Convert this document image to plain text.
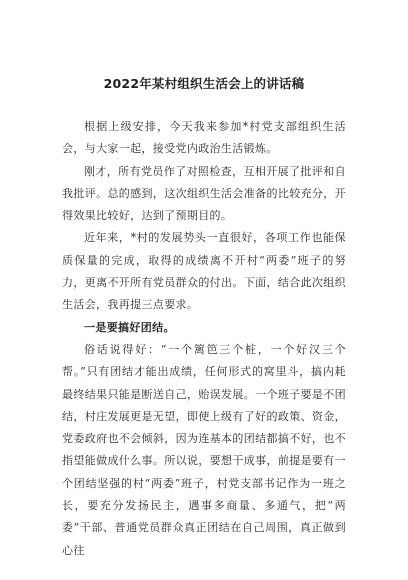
2022年某村组织生活会上的讲话稿

根据上级安排，今天我来参加*村党支部组织生活会，与大家一起，接受党内政治生活锻炼。

刚才，所有党员作了对照检查，互相开展了批评和自我批评。总的感到，这次组织生活会准备的比较充分，开得效果比较好，达到了预期目的。

近年来，*村的发展势头一直很好，各项工作也能保质保量的完成，取得的成绩离不开村“两委”班子的努力，更离不开所有党员群众的付出。下面，结合此次组织生活会，我再提三点要求。

一是要搞好团结。

俗话说得好：“一个篱笆三个桩，一个好汉三个帮。”只有团结才能出成绩，任何形式的窝里斗，搞内耗最终结果只能是断送自己，贻误发展。一个班子要是不团结，村庄发展更是无望，即使上级有了好的政策、资金，党委政府也不会倾斜，因为连基本的团结都搞不好，也不指望能做成什么事。所以说，要想干成事，前提是要有一个团结坚强的村“两委”班子，村党支部书记作为一班之长，要充分发扬民主，遇事多商量、多通气，把“两委”干部、普通党员群众真正团结在自己周围，真正做到心往
